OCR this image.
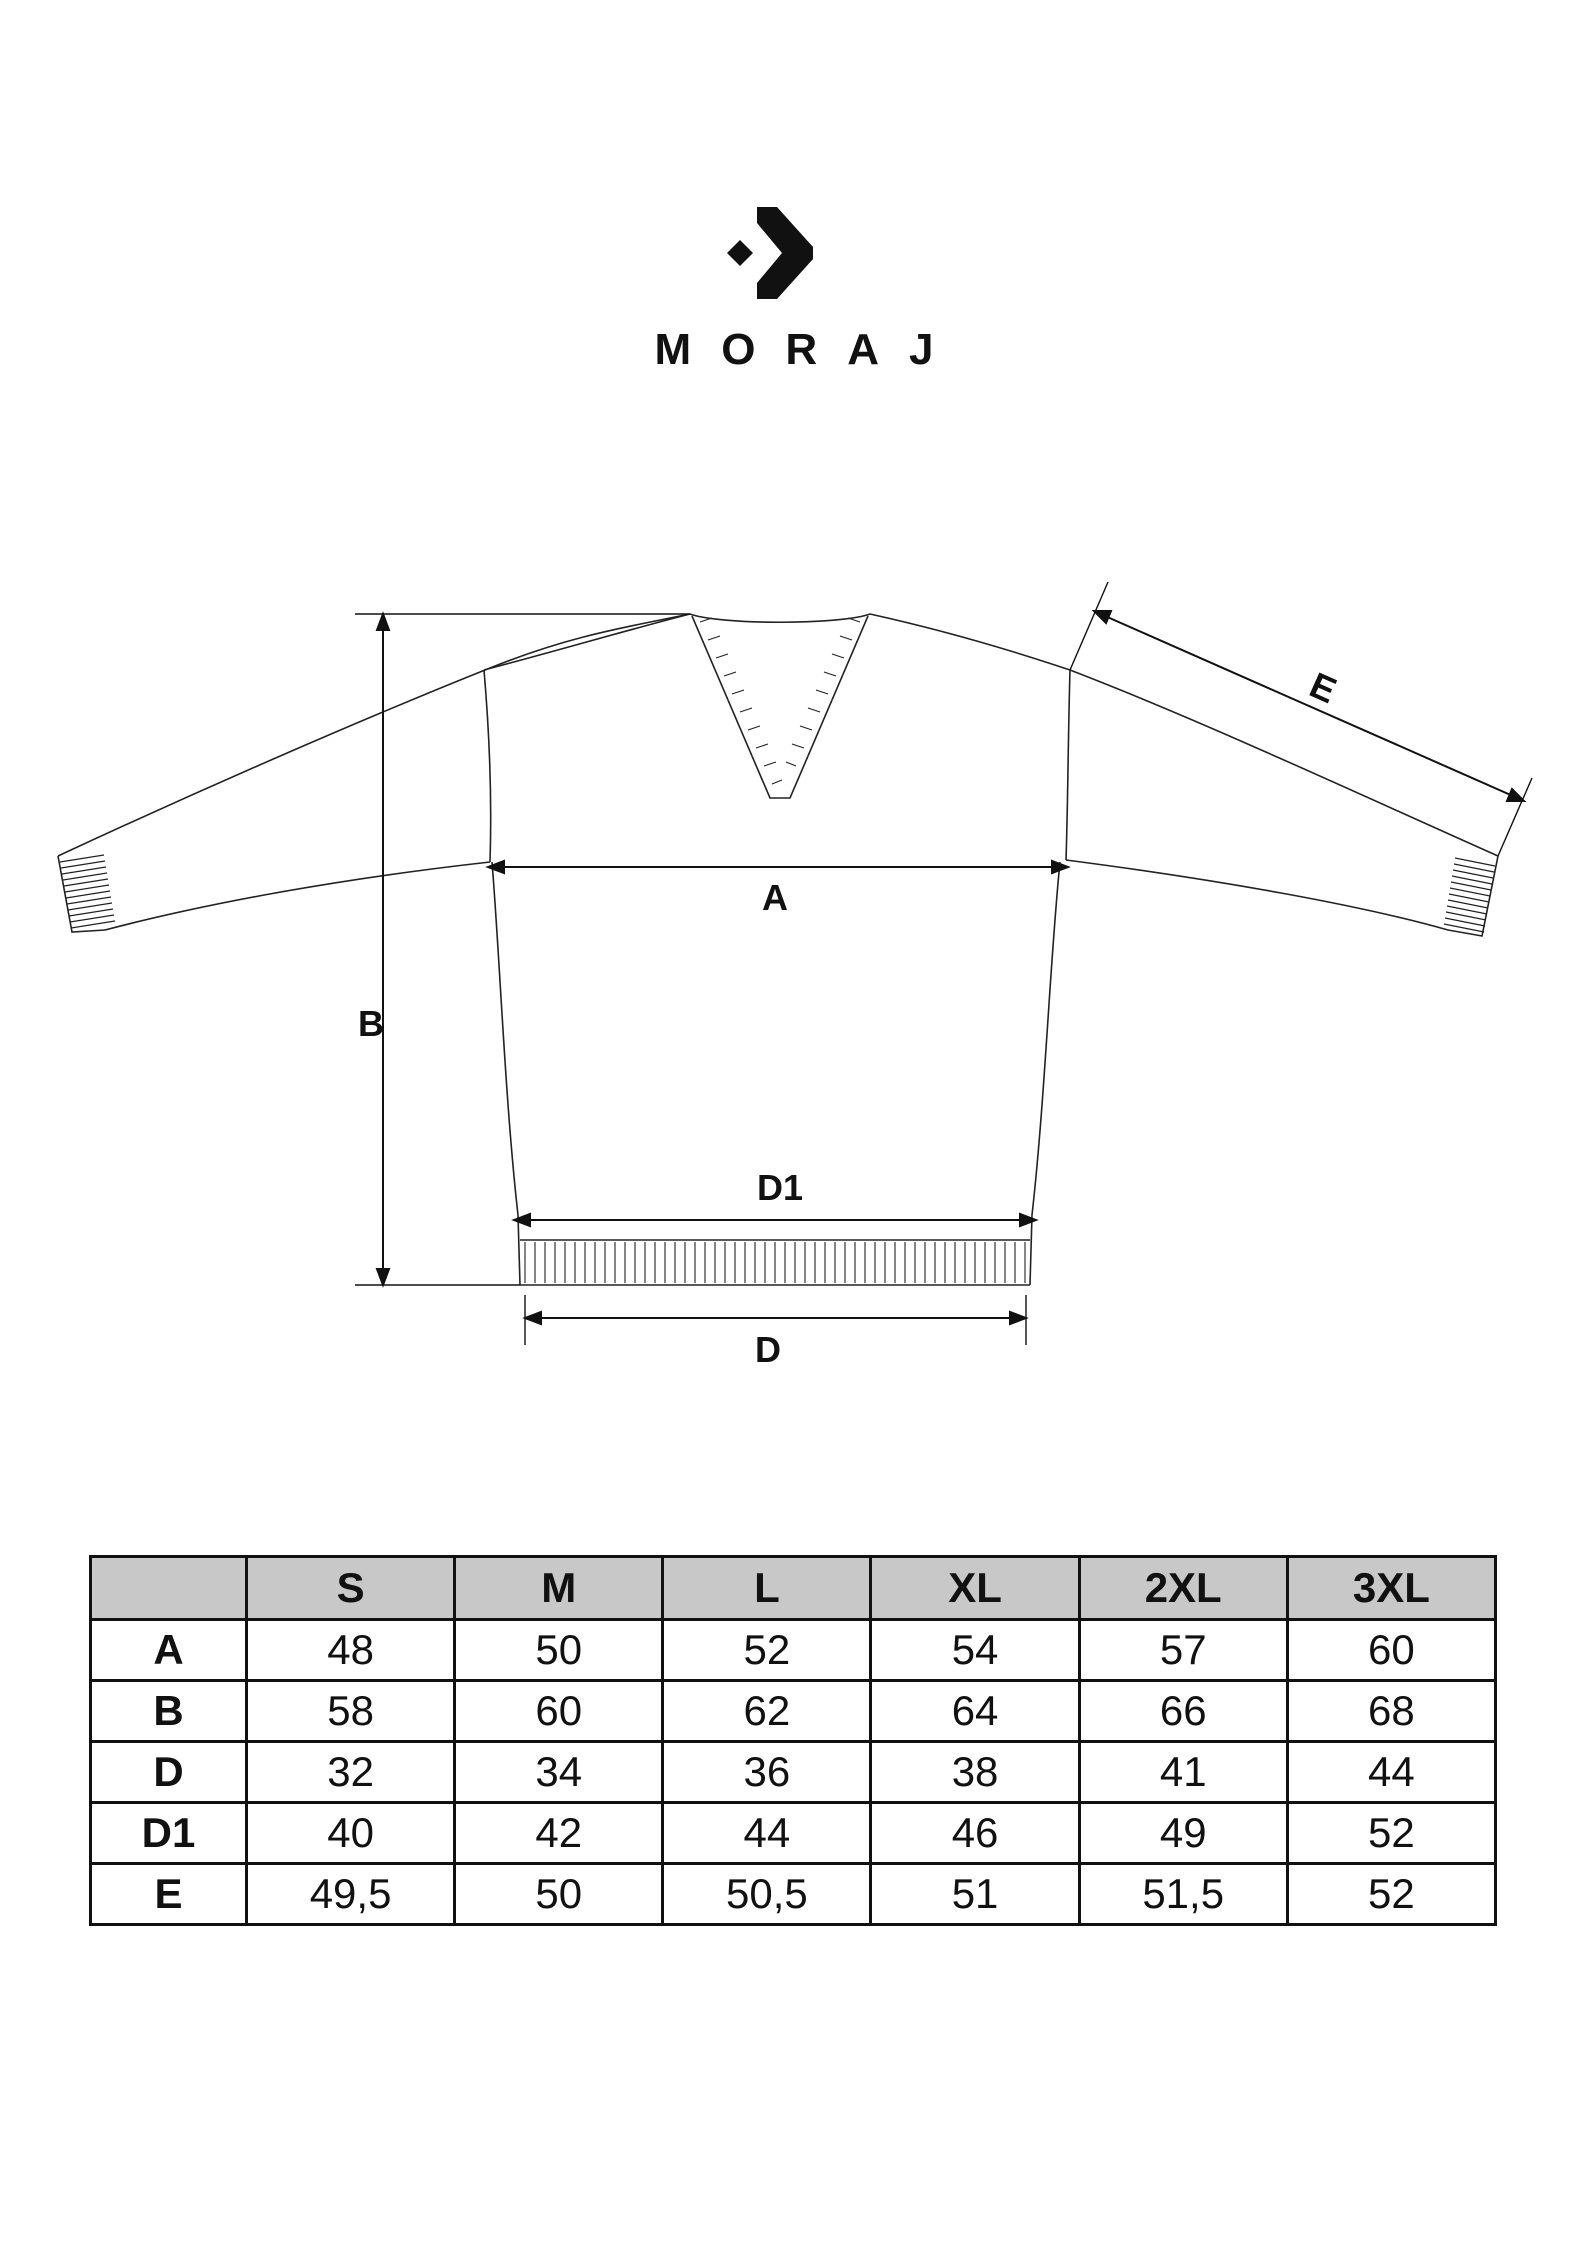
MORAJ
B
A
D1
D
E
	S	M	L	XL	2XL	3XL
A	48	50	52	54	57	60
B	58	60	62	64	66	68
D	32	34	36	38	41	44
D1	40	42	44	46	49	52
E	49,5	50	50,5	51	51,5	52
